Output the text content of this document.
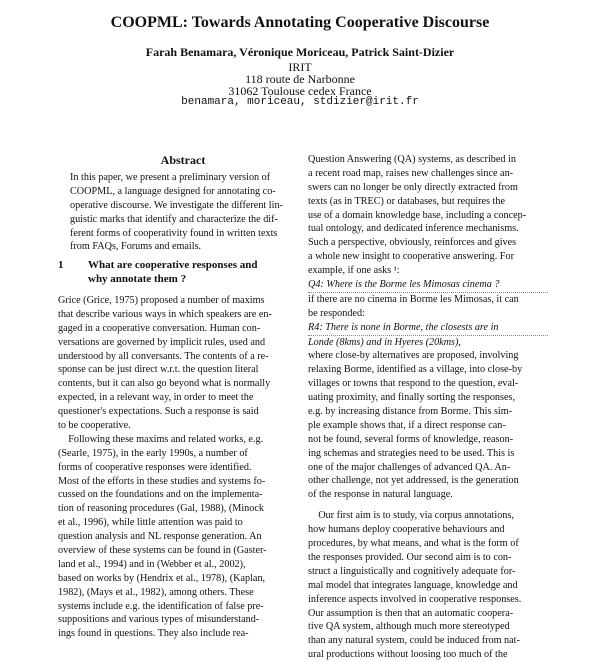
COOPML: Towards Annotating Cooperative Discourse
Farah Benamara, Véronique Moriceau, Patrick Saint-Dizier
IRIT
118 route de Narbonne
31062 Toulouse cedex France
benamara, moriceau, stdizier@irit.fr
Abstract
In this paper, we present a preliminary version of
COOPML, a language designed for annotating co-
operative discourse. We investigate the different lin-
guistic marks that identify and characterize the dif-
ferent forms of cooperativity found in written texts
from FAQs, Forums and emails.
1 What are cooperative responses and
why annotate them ?
Grice (Grice, 1975) proposed a number of maxims
that describe various ways in which speakers are en-
gaged in a cooperative conversation. Human con-
versations are governed by implicit rules, used and
understood by all conversants. The contents of a re-
sponse can be just direct w.r.t. the question literal
contents, but it can also go beyond what is normally
expected, in a relevant way, in order to meet the
questioner's expectations. Such a response is said
to be cooperative.
Following these maxims and related works, e.g.
(Searle, 1975), in the early 1990s, a number of
forms of cooperative responses were identified.
Most of the efforts in these studies and systems fo-
cussed on the foundations and on the implementa-
tion of reasoning procedures (Gal, 1988), (Minock
et al., 1996), while little attention was paid to
question analysis and NL response generation. An
overview of these systems can be found in (Gaster-
land et al., 1994) and in (Webber et al., 2002),
based on works by (Hendrix et al., 1978), (Kaplan,
1982), (Mays et al., 1982), among others. These
systems include e.g. the identification of false pre-
suppositions and various types of misunderstand-
ings found in questions. They also include rea-
Question Answering (QA) systems, as described in
a recent road map, raises new challenges since an-
swers can no longer be only directly extracted from
texts (as in TREC) or databases, but requires the
use of a domain knowledge base, including a concep-
tual ontology, and dedicated inference mechanisms.
Such a perspective, obviously, reinforces and gives
a whole new insight to cooperative answering. For
example, if one asks ¹:
Q4: Where is the Borme les Mimosas cinema ?
if there are no cinema in Borme les Mimosas, it can
be responded:
R4: There is none in Borme, the closests are in
Londe (8kms) and in Hyeres (20kms),
where close-by alternatives are proposed, involving
relaxing Borme, identified as a village, into close-by
villages or towns that respond to the question, eval-
uating proximity, and finally sorting the responses,
e.g. by increasing distance from Borme. This sim-
ple example shows that, if a direct response can-
not be found, several forms of knowledge, reason-
ing schemas and strategies need to be used. This is
one of the major challenges of advanced QA. An-
other challenge, not yet addressed, is the generation
of the response in natural language.
Our first aim is to study, via corpus annotations,
how humans deploy cooperative behaviours and
procedures, by what means, and what is the form of
the responses provided. Our second aim is to con-
struct a linguistically and cognitively adequate for-
mal model that integrates language, knowledge and
inference aspects involved in cooperative responses.
Our assumption is then that an automatic coopera-
tive QA system, although much more stereotyped
than any natural system, could be induced from nat-
ural productions without loosing too much of the
